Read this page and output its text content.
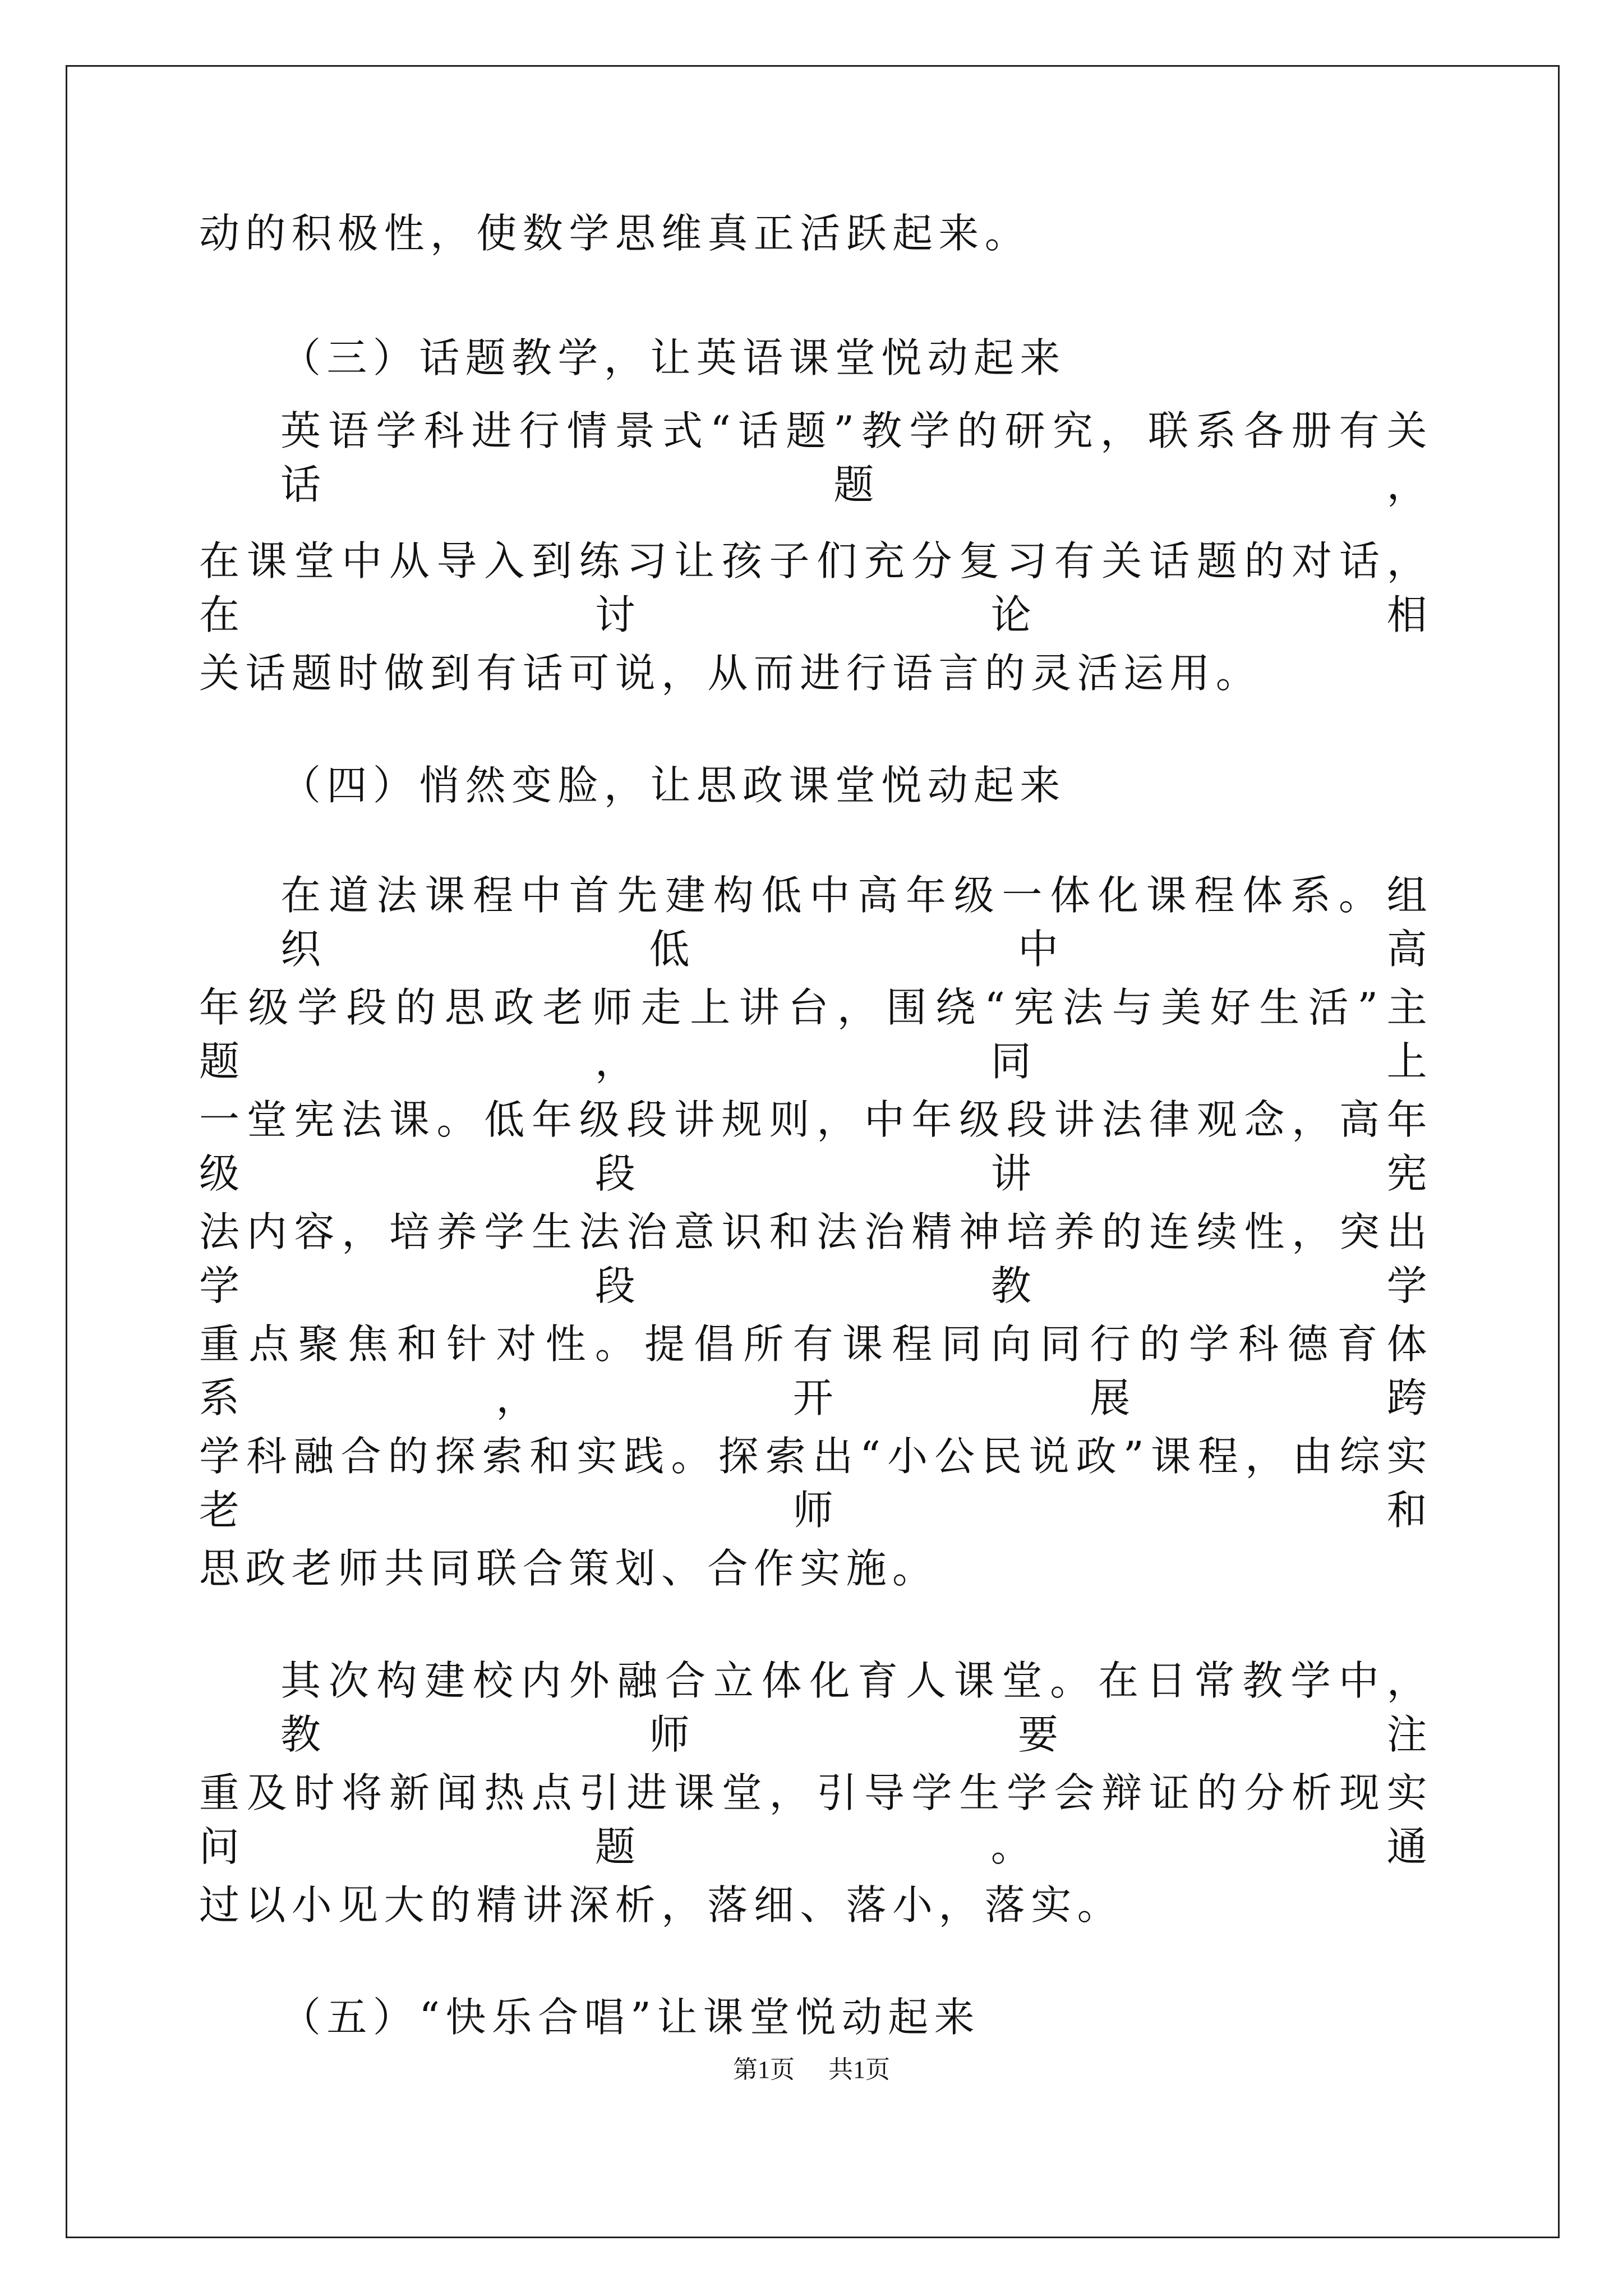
动的积极性，使数学思维真正活跃起来。
（三）话题教学，让英语课堂悦动起来
英语学科进行情景式“话题”教学的研究，联系各册有关话题，
在课堂中从导入到练习让孩子们充分复习有关话题的对话，在讨论相
关话题时做到有话可说，从而进行语言的灵活运用。
（四）悄然变脸，让思政课堂悦动起来
在道法课程中首先建构低中高年级一体化课程体系。组织低中高
年级学段的思政老师走上讲台，围绕“宪法与美好生活”主题，同上
一堂宪法课。低年级段讲规则，中年级段讲法律观念，高年级段讲宪
法内容，培养学生法治意识和法治精神培养的连续性，突出学段教学
重点聚焦和针对性。提倡所有课程同向同行的学科德育体系，开展跨
学科融合的探索和实践。探索出“小公民说政”课程，由综实老师和
思政老师共同联合策划、合作实施。
其次构建校内外融合立体化育人课堂。在日常教学中，教师要注
重及时将新闻热点引进课堂，引导学生学会辩证的分析现实问题。通
过以小见大的精讲深析，落细、落小，落实。
（五）“快乐合唱”让课堂悦动起来
第1页 共1页
